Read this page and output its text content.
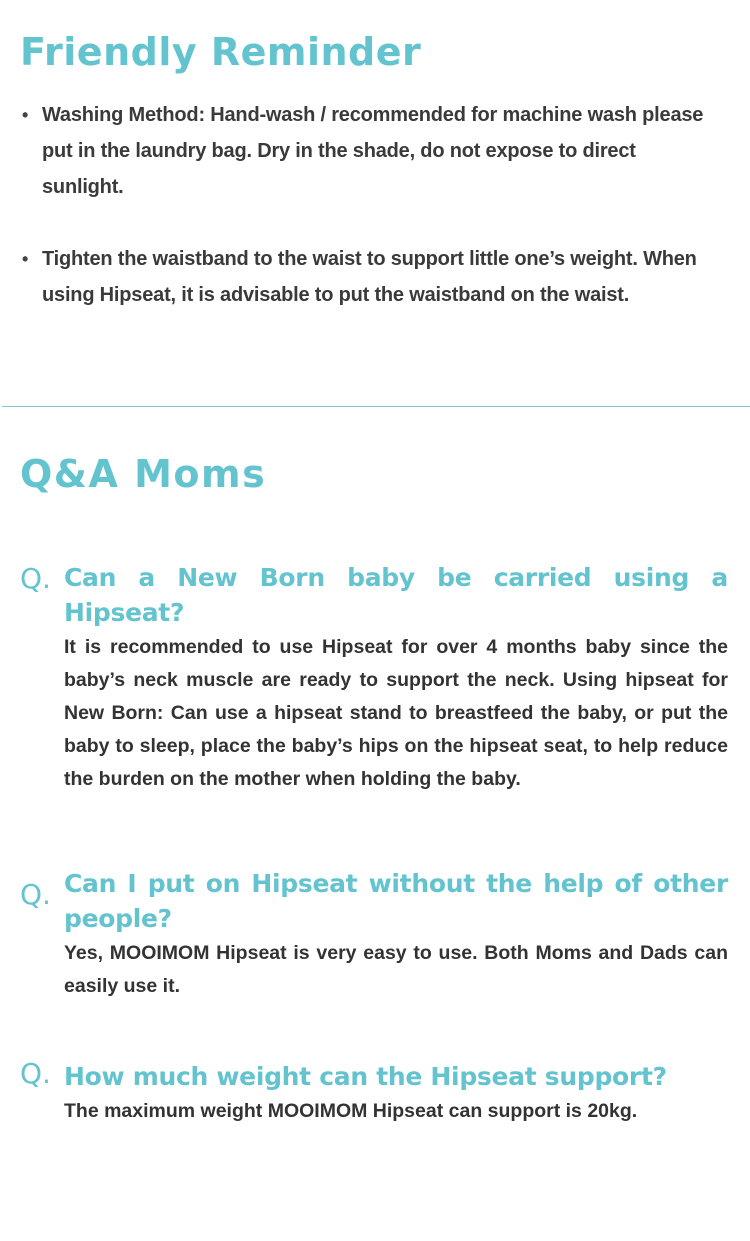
Friendly Reminder
• Washing Method: Hand-wash / recommended for machine wash please put in the laundry bag. Dry in the shade, do not expose to direct sunlight.
• Tighten the waistband to the waist to support little one’s weight. When using Hipseat, it is advisable to put the waistband on the waist.
Q&A Moms
Q. Can a New Born baby be carried using a Hipseat?
It is recommended to use Hipseat for over 4 months baby since the baby’s neck muscle are ready to support the neck. Using hipseat for New Born: Can use a hipseat stand to breastfeed the baby, or put the baby to sleep, place the baby’s hips on the hipseat seat, to help reduce the burden on the mother when holding the baby.
Q. Can I put on Hipseat without the help of other people?
Yes, MOOIMOM Hipseat is very easy to use. Both Moms and Dads can easily use it.
Q. How much weight can the Hipseat support?
The maximum weight MOOIMOM Hipseat can support is 20kg.
